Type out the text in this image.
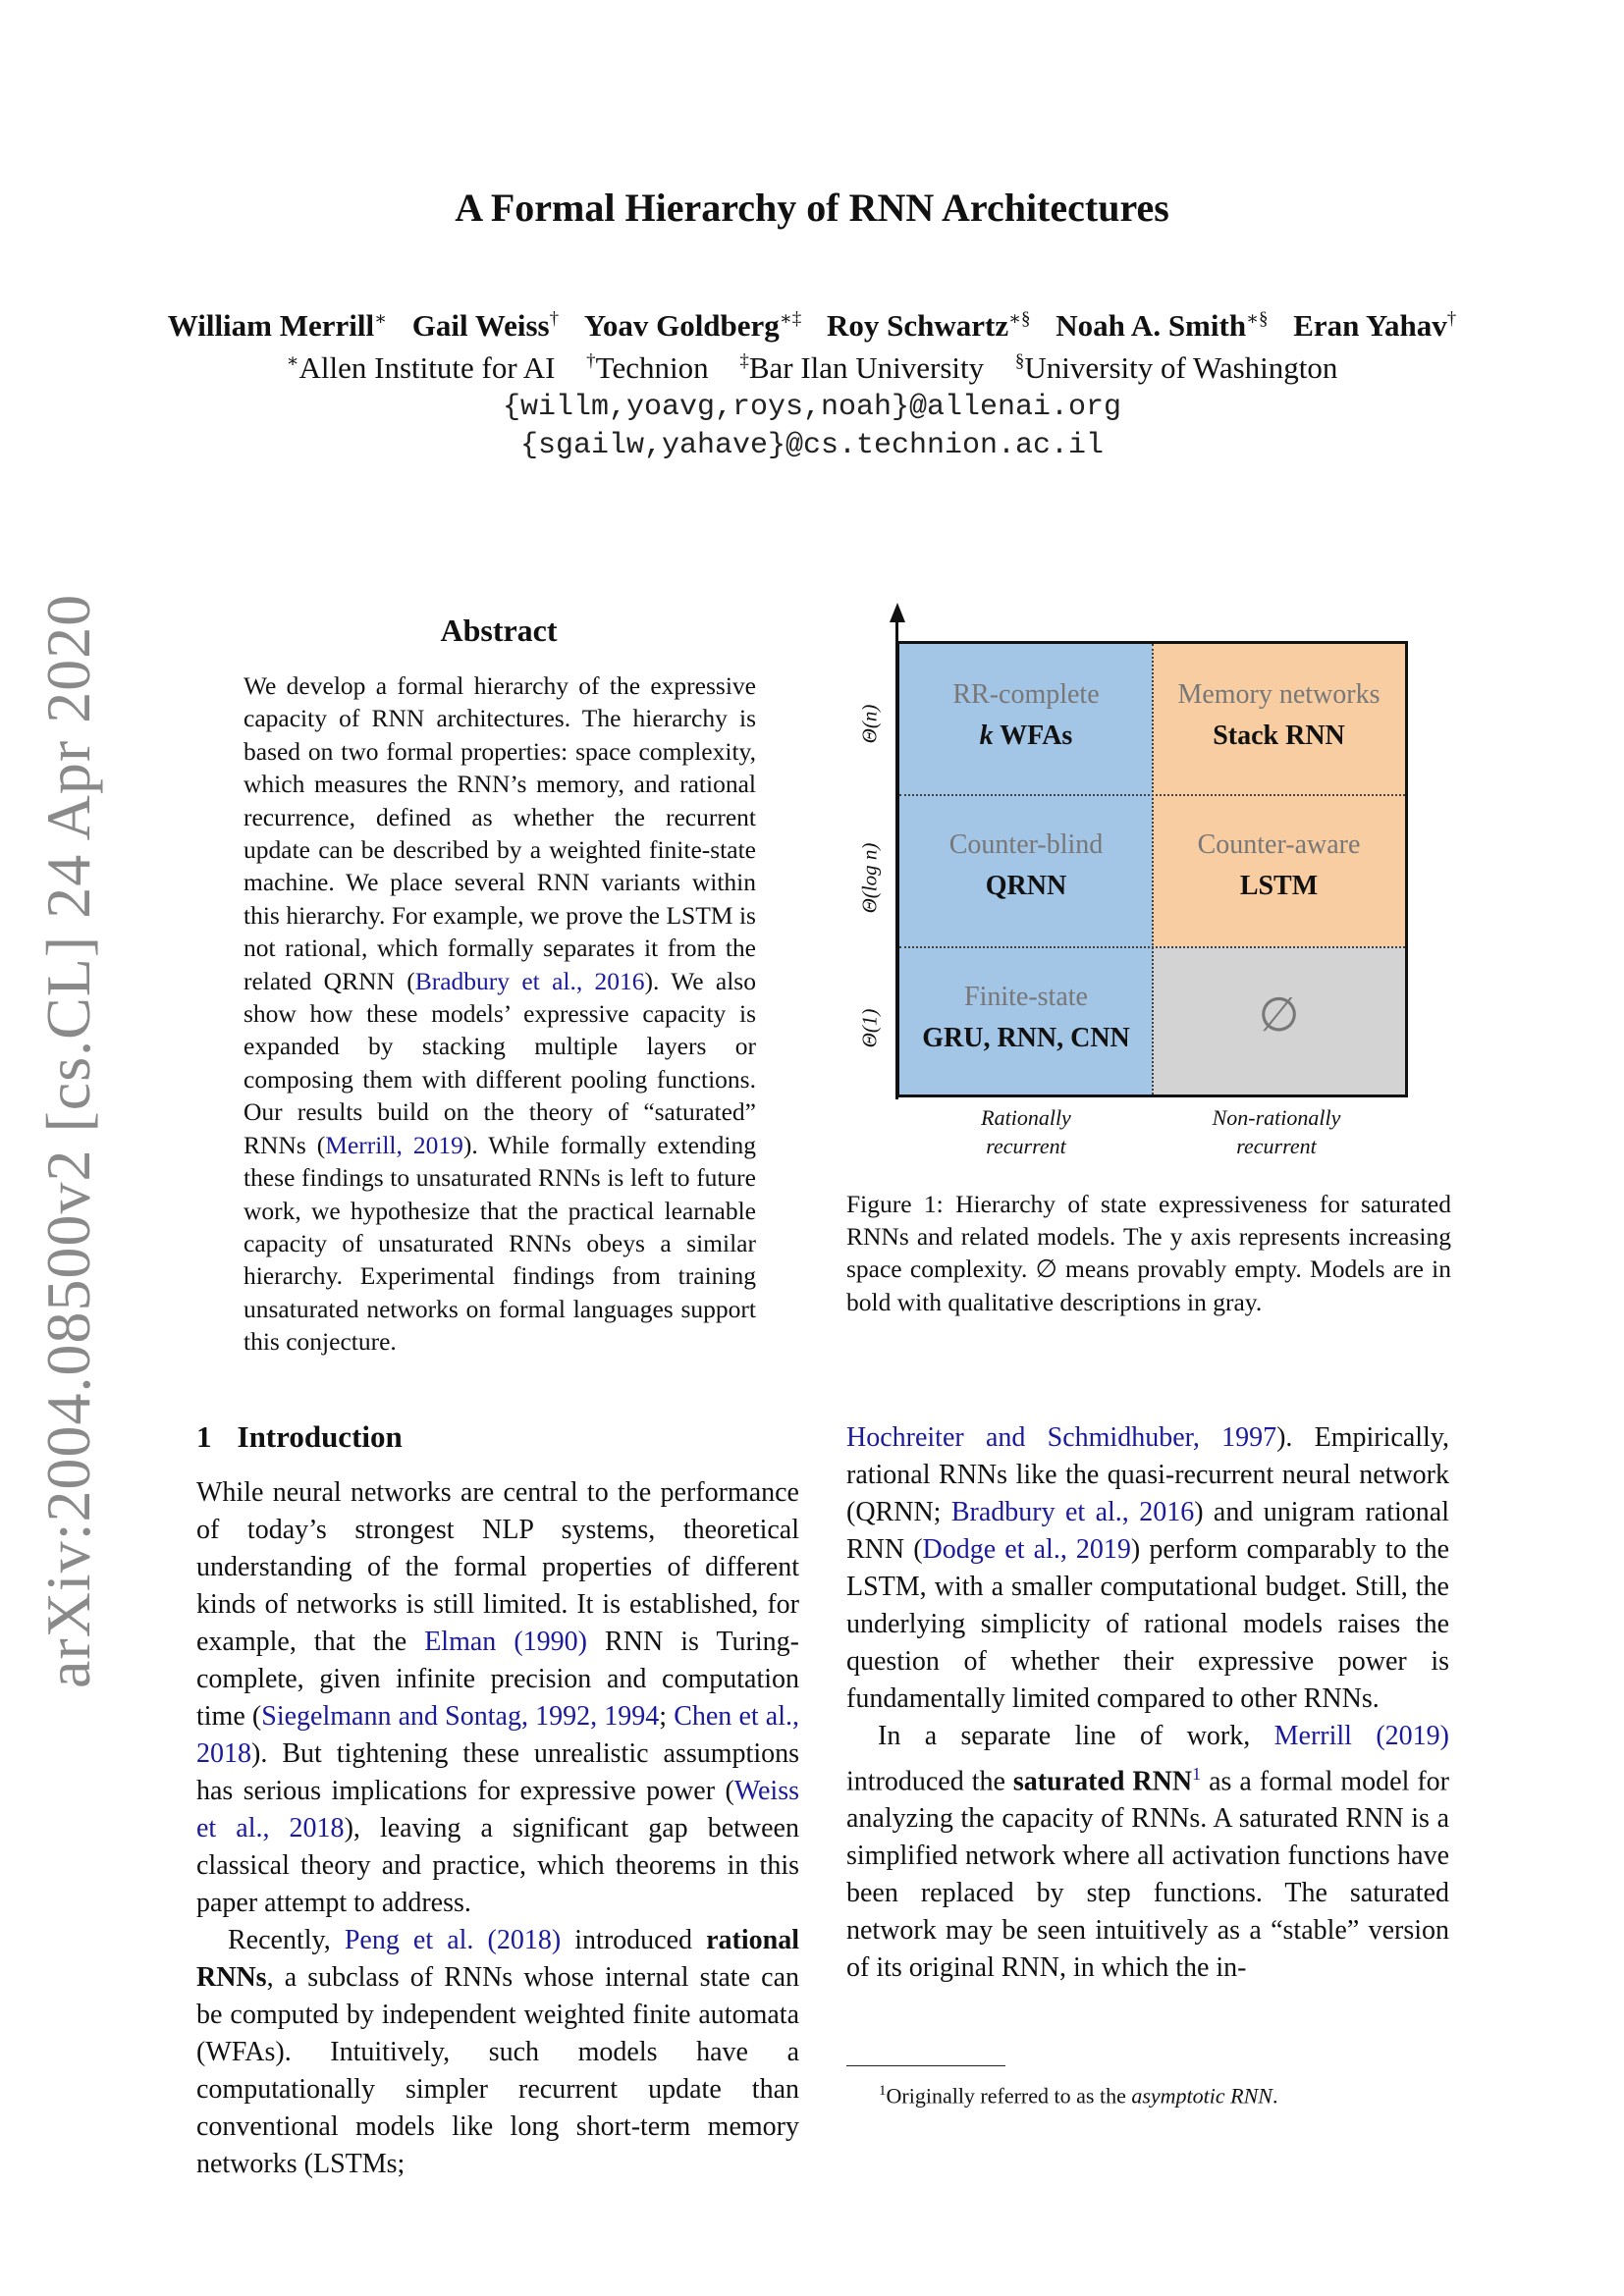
arXiv:2004.08500v2 [cs.CL] 24 Apr 2020
A Formal Hierarchy of RNN Architectures
William Merrill∗ Gail Weiss† Yoav Goldberg∗‡ Roy Schwartz∗§ Noah A. Smith∗§ Eran Yahav†
∗Allen Institute for AI †Technion ‡Bar Ilan University §University of Washington
{willm,yoavg,roys,noah}@allenai.org
{sgailw,yahave}@cs.technion.ac.il
Abstract
We develop a formal hierarchy of the expressive capacity of RNN architectures. The hierarchy is based on two formal properties: space complexity, which measures the RNN’s memory, and rational recurrence, defined as whether the recurrent update can be described by a weighted finite-state machine. We place several RNN variants within this hierarchy. For example, we prove the LSTM is not rational, which formally separates it from the related QRNN (Bradbury et al., 2016). We also show how these models’ expressive capacity is expanded by stacking multiple layers or composing them with different pooling functions. Our results build on the theory of “saturated” RNNs (Merrill, 2019). While formally extending these findings to unsaturated RNNs is left to future work, we hypothesize that the practical learnable capacity of unsaturated RNNs obeys a similar hierarchy. Experimental findings from training unsaturated networks on formal languages support this conjecture.
RR-complete
k WFAs
Memory networks
Stack RNN
Counter-blind
QRNN
Counter-aware
LSTM
Finite-state
GRU, RNN, CNN	∅
Θ(n)
Θ(log n)
Θ(1)
Rationally recurrent
Non-rationally recurrent
Figure 1: Hierarchy of state expressiveness for saturated RNNs and related models. The y axis represents increasing space complexity. ∅ means provably empty. Models are in bold with qualitative descriptions in gray.
1 Introduction

While neural networks are central to the performance of today’s strongest NLP systems, theoretical understanding of the formal properties of different kinds of networks is still limited. It is established, for example, that the Elman (1990) RNN is Turing-complete, given infinite precision and computation time (Siegelmann and Sontag, 1992, 1994; Chen et al., 2018). But tightening these unrealistic assumptions has serious implications for expressive power (Weiss et al., 2018), leaving a significant gap between classical theory and practice, which theorems in this paper attempt to address.

Recently, Peng et al. (2018) introduced rational RNNs, a subclass of RNNs whose internal state can be computed by independent weighted finite automata (WFAs). Intuitively, such models have a computationally simpler recurrent update than conventional models like long short-term memory networks (LSTMs;

Hochreiter and Schmidhuber, 1997). Empirically, rational RNNs like the quasi-recurrent neural network (QRNN; Bradbury et al., 2016) and unigram rational RNN (Dodge et al., 2019) perform comparably to the LSTM, with a smaller computational budget. Still, the underlying simplicity of rational models raises the question of whether their expressive power is fundamentally limited compared to other RNNs.

In a separate line of work, Merrill (2019) introduced the saturated RNN$^1$ as a formal model for analyzing the capacity of RNNs. A saturated RNN is a simplified network where all activation functions have been replaced by step functions. The saturated network may be seen intuitively as a “stable” version of its original RNN, in which the in-

$^1$Originally referred to as the asymptotic RNN.
